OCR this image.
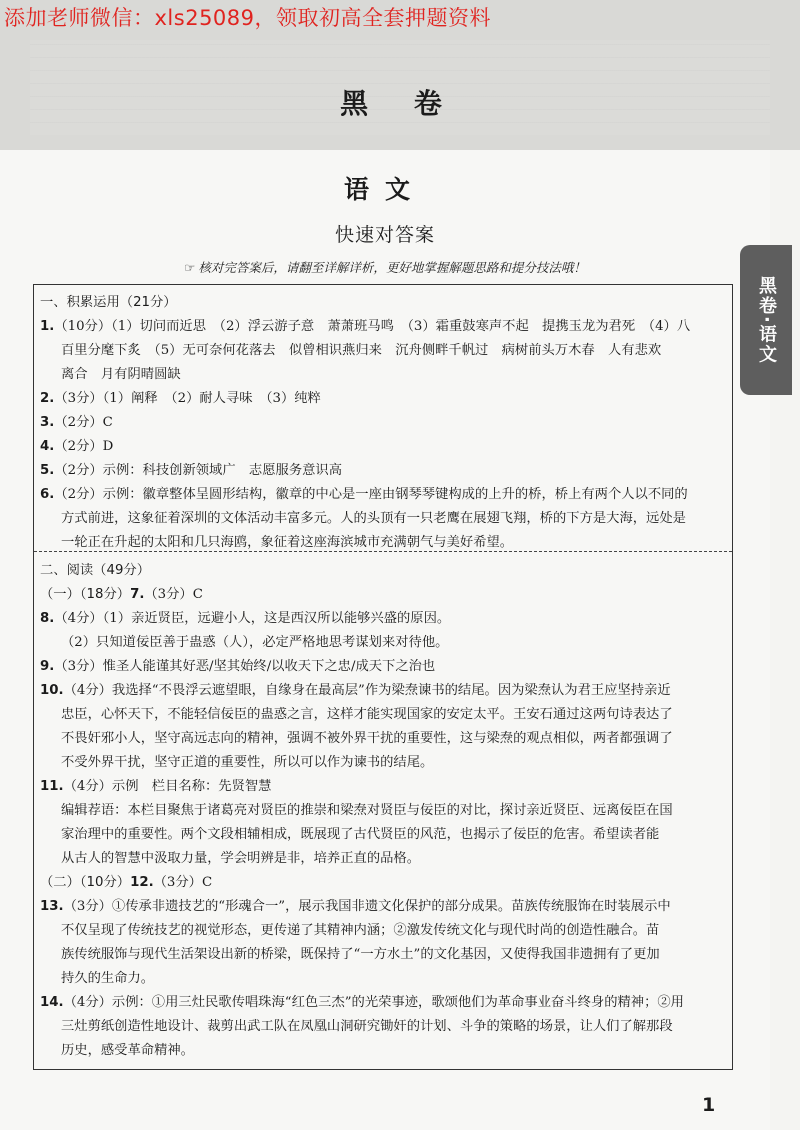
添加老师微信：xls25089，领取初高全套押题资料
黑 卷
黑卷·语文
语文
快速对答案
☞ 核对完答案后，请翻至详解详析，更好地掌握解题思路和提分技法哦！
一、积累运用（21分）
1.（10分）（1）切问而近思　（2）浮云游子意　萧萧班马鸣　（3）霜重鼓寒声不起　提携玉龙为君死　（4）八
百里分麾下炙　（5）无可奈何花落去　似曾相识燕归来　沉舟侧畔千帆过　病树前头万木春　人有悲欢
离合　月有阴晴圆缺
2.（3分）（1）阐释　（2）耐人寻味　（3）纯粹
3.（2分）C
4.（2分）D
5.（2分）示例：科技创新领域广　志愿服务意识高
6.（2分）示例：徽章整体呈圆形结构，徽章的中心是一座由钢琴琴键构成的上升的桥，桥上有两个人以不同的
方式前进，这象征着深圳的文体活动丰富多元。人的头顶有一只老鹰在展翅飞翔，桥的下方是大海，远处是
一轮正在升起的太阳和几只海鸥，象征着这座海滨城市充满朝气与美好希望。
二、阅读（49分）
（一）（18分）7.（3分）C
8.（4分）（1）亲近贤臣，远避小人，这是西汉所以能够兴盛的原因。
（2）只知道佞臣善于蛊惑（人），必定严格地思考谋划来对待他。
9.（3分）惟圣人能谨其好恶/坚其始终/以收天下之忠/成天下之治也
10.（4分）我选择“不畏浮云遮望眼，自缘身在最高层”作为梁焘谏书的结尾。因为梁焘认为君王应坚持亲近
忠臣，心怀天下，不能轻信佞臣的蛊惑之言，这样才能实现国家的安定太平。王安石通过这两句诗表达了
不畏奸邪小人，坚守高远志向的精神，强调不被外界干扰的重要性，这与梁焘的观点相似，两者都强调了
不受外界干扰，坚守正道的重要性，所以可以作为谏书的结尾。
11.（4分）示例　栏目名称：先贤智慧
编辑荐语：本栏目聚焦于诸葛亮对贤臣的推崇和梁焘对贤臣与佞臣的对比，探讨亲近贤臣、远离佞臣在国
家治理中的重要性。两个文段相辅相成，既展现了古代贤臣的风范，也揭示了佞臣的危害。希望读者能
从古人的智慧中汲取力量，学会明辨是非，培养正直的品格。
（二）（10分）12.（3分）C
13.（3分）①传承非遗技艺的“形魂合一”，展示我国非遗文化保护的部分成果。苗族传统服饰在时装展示中
不仅呈现了传统技艺的视觉形态，更传递了其精神内涵；②激发传统文化与现代时尚的创造性融合。苗
族传统服饰与现代生活架设出新的桥梁，既保持了“一方水土”的文化基因，又使得我国非遗拥有了更加
持久的生命力。
14.（4分）示例：①用三灶民歌传唱珠海“红色三杰”的光荣事迹，歌颂他们为革命事业奋斗终身的精神；②用
三灶剪纸创造性地设计、裁剪出武工队在凤凰山洞研究锄奸的计划、斗争的策略的场景，让人们了解那段
历史，感受革命精神。
1
